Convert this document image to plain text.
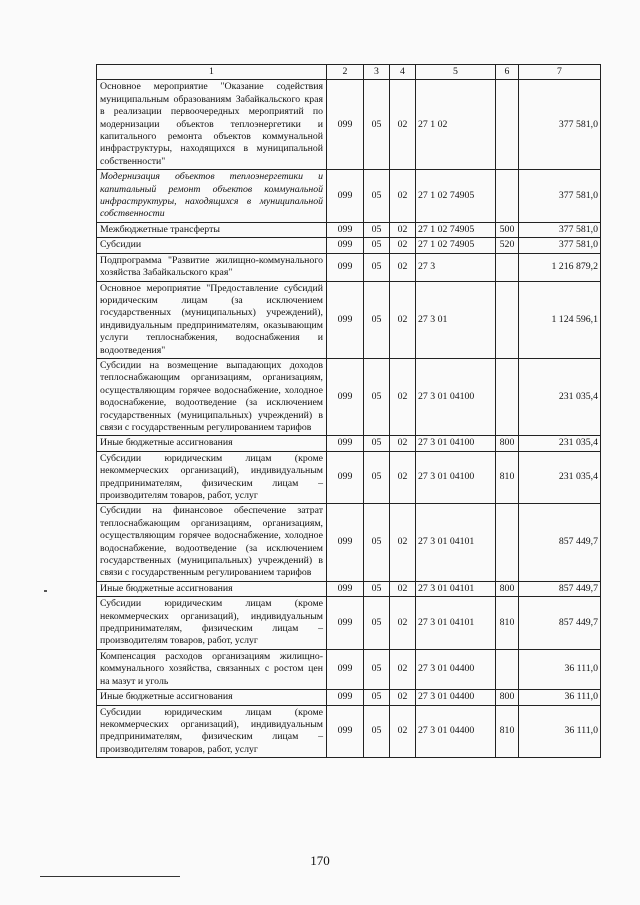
1	2	3	4	5	6	7
Основное мероприятие "Оказание содействия муниципальным образованиям Забайкальского края в реализации первоочередных мероприятий по модернизации объектов теплоэнергетики и капитального ремонта объектов коммунальной инфраструктуры, находящихся в муниципальной собственности"	099	05	02	27 1 02		377 581,0
Модернизация объектов теплоэнергетики и капитальный ремонт объектов коммунальной инфраструктуры, находящихся в муниципальной собственности	099	05	02	27 1 02 74905		377 581,0
Межбюджетные трансферты	099	05	02	27 1 02 74905	500	377 581,0
Субсидии	099	05	02	27 1 02 74905	520	377 581,0
Подпрограмма "Развитие жилищно-коммунального хозяйства Забайкальского края"	099	05	02	27 3		1 216 879,2
Основное мероприятие "Предоставление субсидий юридическим лицам (за исключением государственных (муниципальных) учреждений), индивидуальным предпринимателям, оказывающим услуги теплоснабжения, водоснабжения и водоотведения"	099	05	02	27 3 01		1 124 596,1
Субсидии на возмещение выпадающих доходов теплоснабжающим организациям, организациям, осуществляющим горячее водоснабжение, холодное водоснабжение, водоотведение (за исключением государственных (муниципальных) учреждений) в связи с государственным регулированием тарифов	099	05	02	27 3 01 04100		231 035,4
Иные бюджетные ассигнования	099	05	02	27 3 01 04100	800	231 035,4
Субсидии юридическим лицам (кроме некоммерческих организаций), индивидуальным предпринимателям, физическим лицам – производителям товаров, работ, услуг	099	05	02	27 3 01 04100	810	231 035,4
Субсидии на финансовое обеспечение затрат теплоснабжающим организациям, организациям, осуществляющим горячее водоснабжение, холодное водоснабжение, водоотведение (за исключением государственных (муниципальных) учреждений) в связи с государственным регулированием тарифов	099	05	02	27 3 01 04101		857 449,7
Иные бюджетные ассигнования	099	05	02	27 3 01 04101	800	857 449,7
Субсидии юридическим лицам (кроме некоммерческих организаций), индивидуальным предпринимателям, физическим лицам – производителям товаров, работ, услуг	099	05	02	27 3 01 04101	810	857 449,7
Компенсация расходов организациям жилищно-коммунального хозяйства, связанных с ростом цен на мазут и уголь	099	05	02	27 3 01 04400		36 111,0
Иные бюджетные ассигнования	099	05	02	27 3 01 04400	800	36 111,0
Субсидии юридическим лицам (кроме некоммерческих организаций), индивидуальным предпринимателям, физическим лицам – производителям товаров, работ, услуг	099	05	02	27 3 01 04400	810	36 111,0
170
